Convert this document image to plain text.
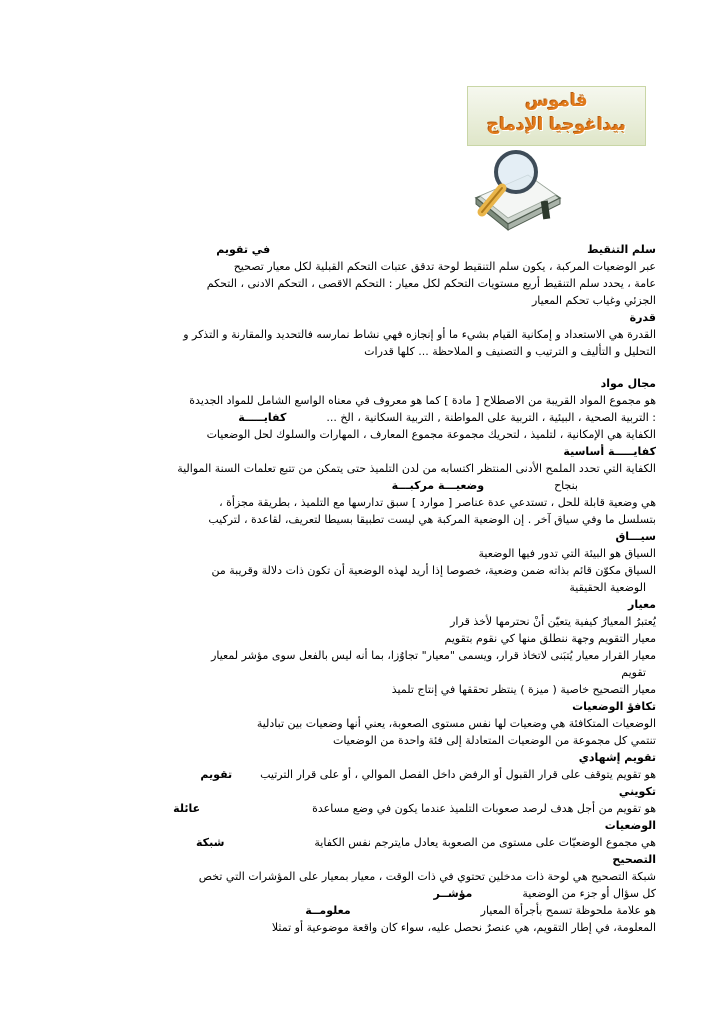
قاموس
بيداغوجيا الإدماج
سلم التنقيطفي تقويم
عبر الوضعيات المركبة ، يكون سلم التنقيط لوحة تدقق عتبات التحكم القبلية لكل معيار تصحيح
عامة ، يحدد سلم التنقيط أربع مستويات التحكم لكل معيار : التحكم الاقصى ، التحكم الادنى ، التحكم
الجزئي وغياب تحكم المعيار
قدرة
القدرة هي الاستعداد و إمكانية القيام بشيء ما أو إنجازه فهي نشاط نمارسه فالتحديد والمقارنة و التذكر و
التحليل و التأليف و الترتيب و التصنيف و الملاحظة ... كلها قدرات
مجال مواد
هو مجموع المواد القريبة من الاصطلاح [ مادة ] كما هو معروف في معناه الواسع الشامل للمواد الجديدة
: التربية الصحية ، البيئية ، التربية على المواطنة , التربية السكانية ، الخ ...كفايـــــة
الكفاية هي الإمكانية ، لتلميذ ، لتحريك مجموعة مجموع المعارف ، المهارات والسلوك لحل الوضعيات
كفايـــــة أساسية
الكفاية التي تحدد الملمح الأدنى المنتظر اكتسابه من لدن التلميذ حتى يتمكن من تتبع تعلمات السنة الموالية
بنجاحوضعيـــة مركبـــة
هي وضعية قابلة للحل ، تستدعي عدة عناصر [ موارد ] سبق تدارسها مع التلميذ ، بطريقة مجزأة ،
بتسلسل ما وفي سياق آخر . إن الوضعية المركبة هي ليست تطبيقا بسيطا لتعريف، لقاعدة ، لتركيب
سيـــاق
السياق هو البيئة التي تدور فيها الوضعية
السياق مكوّن قائم بذاته ضمن وضعية، خصوصا إذا أريد لهذه الوضعية أن تكون ذات دلالة وقريبة من
الوضعية الحقيقية
معيار
يُعتبرُ المعيارُ كيفية يتعيّن أنْ نحترمها لأخذ قرار
معيار التقويم وجهة ننطلق منها كي نقوم بتقويم
معيار القرار معيار يُتبَنى لاتخاذ قرار، ويسمى "معيار" تجاوُزا، بما أنه ليس بالفعل سوى مؤشر لمعيار
تقويم
معيار التصحيح خاصية ( ميزة ) ينتظر تحققها في إنتاج تلميذ
تكافؤ الوضعيات
الوضعيات المتكافئة هي وضعيات لها نفس مستوى الصعوبة، يعني أنها وضعيات بين تبادلية
تنتمي كل مجموعة من الوضعيات المتعادلة إلى فئة واحدة من الوضعيات
تقويم إشهادي
هو تقويم يتوقف على قرار القبول أو الرفض داخل الفصل الموالي ، أو على قرار الترتيبتقويم
تكويني
هو تقويم من أجل هدف لرصد صعوبات التلميذ عندما يكون في وضع مساعدةعائلة
الوضعيات
هي مجموع الوضعيّات على مستوى من الصعوبة يعادل مايترجم نفس الكفايةشبكة
التصحيح
شبكة التصحيح هي لوحة ذات مدخلين تحتوي في ذات الوقت ، معيار بمعيار على المؤشرات التي تخص
كل سؤال أو جزء من الوضعيةمؤشــر
هو علامة ملحوظة تسمح بأجرأة المعيارمعلومــة
المعلومة، في إطار التقويم، هي عنصرٌ نحصل عليه، سواء كان واقعة موضوعية أو تمثلا
